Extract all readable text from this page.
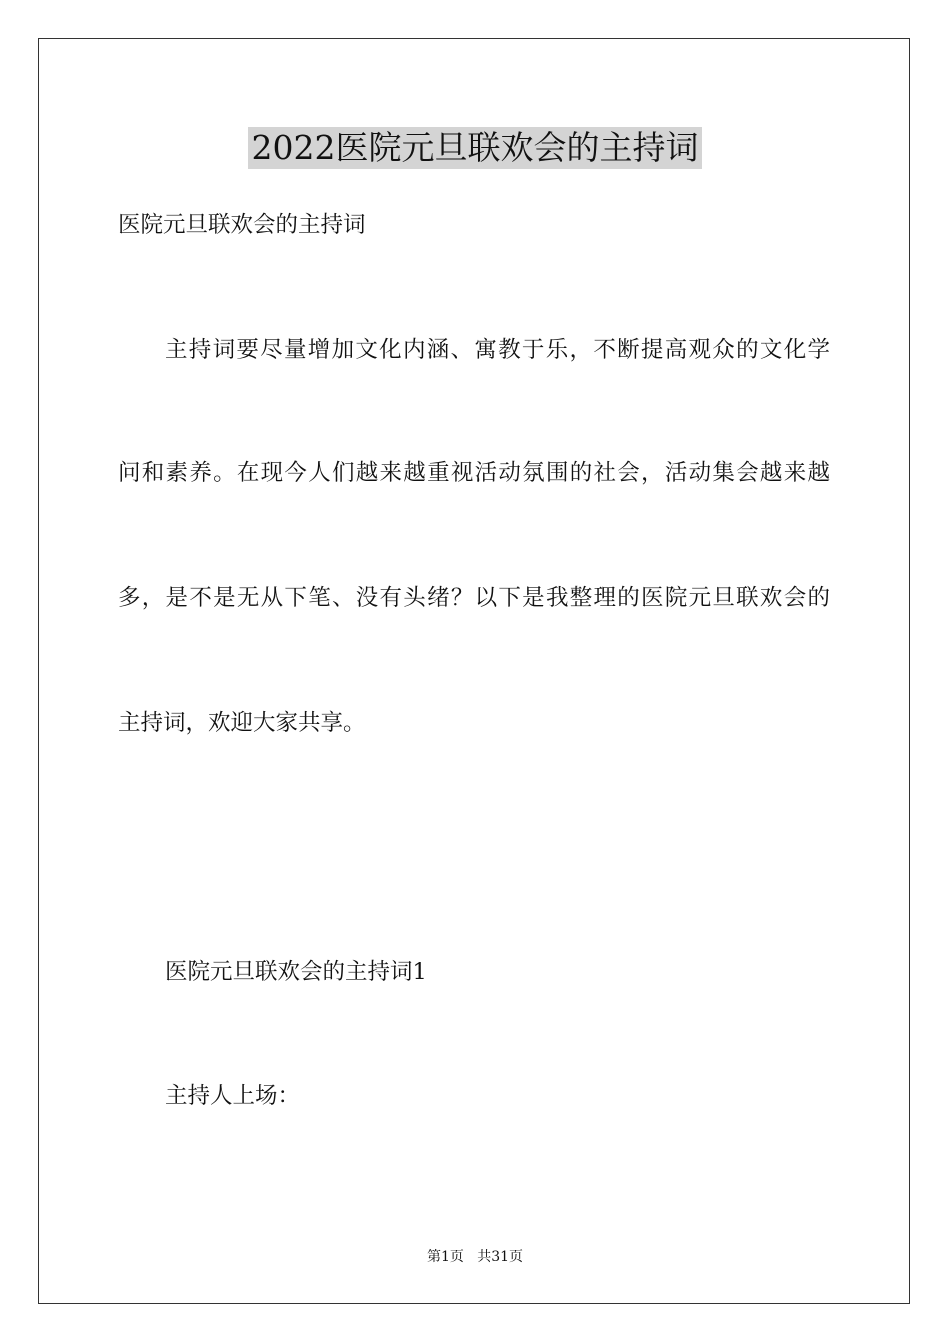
2022医院元旦联欢会的主持词
医院元旦联欢会的主持词
主持词要尽量增加文化内涵、寓教于乐，不断提高观众的文化学
问和素养。在现今人们越来越重视活动氛围的社会，活动集会越来越
多，是不是无从下笔、没有头绪？以下是我整理的医院元旦联欢会的
主持词，欢迎大家共享。
医院元旦联欢会的主持词1
主持人上场：
第1页   共31页
